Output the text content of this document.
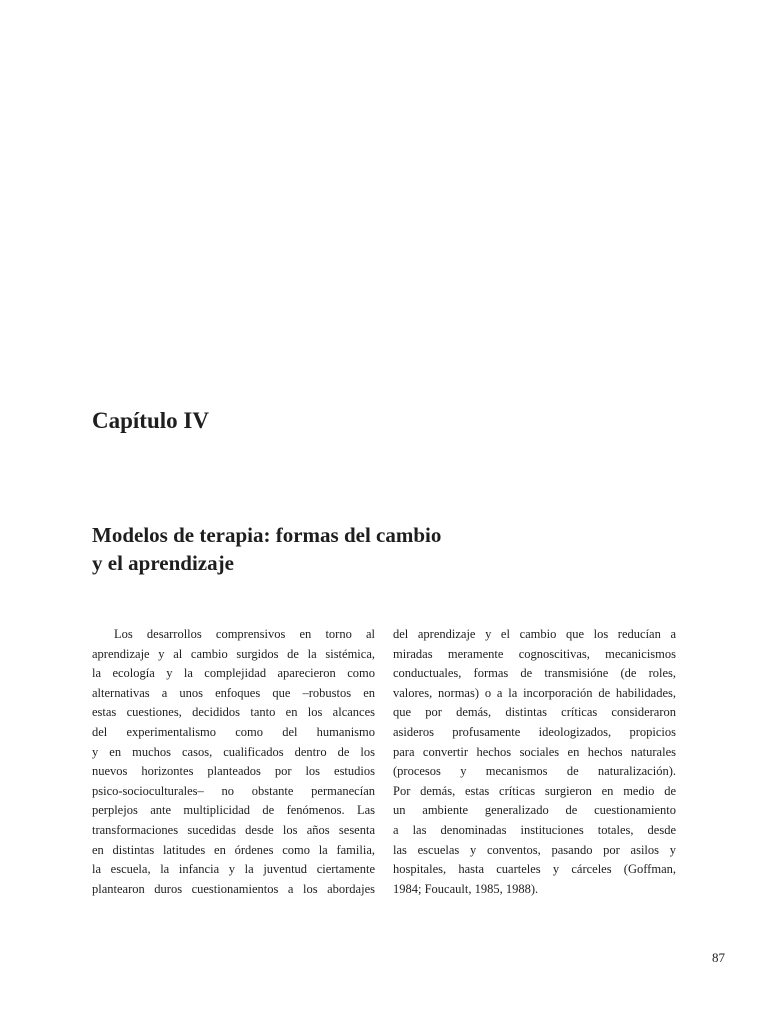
Capítulo IV
Modelos de terapia: formas del cambio
y el aprendizaje
Los desarrollos comprensivos en torno al
aprendizaje y al cambio surgidos de la sistémica,
la ecología y la complejidad aparecieron como
alternativas a unos enfoques que –robustos en
estas cuestiones, decididos tanto en los alcances
del experimentalismo como del humanismo
y en muchos casos, cualificados dentro de los
nuevos horizontes planteados por los estudios
psico-socioculturales– no obstante permanecían
perplejos ante multiplicidad de fenómenos. Las
transformaciones sucedidas desde los años sesenta
en distintas latitudes en órdenes como la familia,
la escuela, la infancia y la juventud ciertamente
plantearon duros cuestionamientos a los abordajes
del aprendizaje y el cambio que los reducían a
miradas meramente cognoscitivas, mecanicismos
conductuales, formas de transmisióne (de roles,
valores, normas) o a la incorporación de habilidades,
que por demás, distintas críticas consideraron
asideros profusamente ideologizados, propicios
para convertir hechos sociales en hechos naturales
(procesos y mecanismos de naturalización).
Por demás, estas críticas surgieron en medio de
un ambiente generalizado de cuestionamiento
a las denominadas instituciones totales, desde
las escuelas y conventos, pasando por asilos y
hospitales, hasta cuarteles y cárceles (Goffman,
1984; Foucault, 1985, 1988).
87
